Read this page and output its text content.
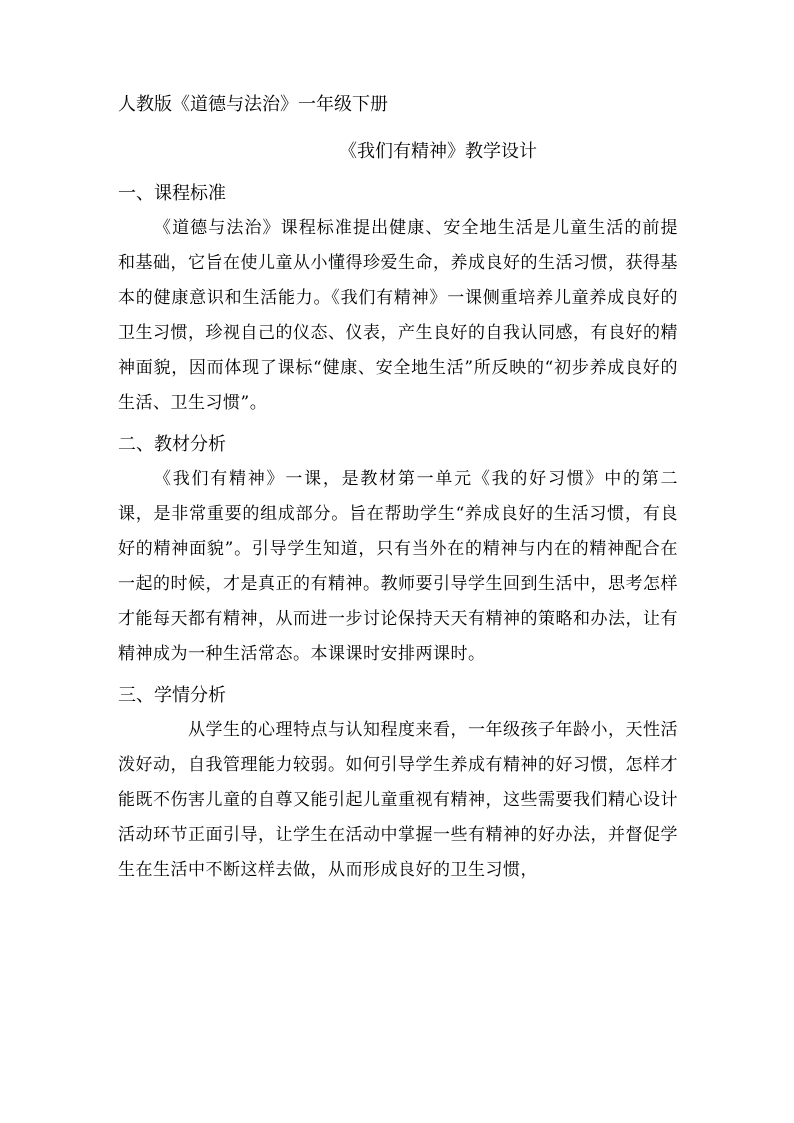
人教版《道德与法治》一年级下册
《我们有精神》教学设计
一、课程标准

《道德与法治》课程标准提出健康、安全地生活是儿童生活的前提和基础，它旨在使儿童从小懂得珍爱生命，养成良好的生活习惯，获得基本的健康意识和生活能力。《我们有精神》一课侧重培养儿童养成良好的卫生习惯，珍视自己的仪态、仪表，产生良好的自我认同感，有良好的精神面貌，因而体现了课标“健康、安全地生活”所反映的“初步养成良好的生活、卫生习惯”。

二、教材分析

《我们有精神》一课，是教材第一单元《我的好习惯》中的第二课，是非常重要的组成部分。旨在帮助学生“养成良好的生活习惯，有良好的精神面貌”。引导学生知道，只有当外在的精神与内在的精神配合在一起的时候，才是真正的有精神。教师要引导学生回到生活中，思考怎样才能每天都有精神，从而进一步讨论保持天天有精神的策略和办法，让有精神成为一种生活常态。本课课时安排两课时。

三、学情分析

从学生的心理特点与认知程度来看，一年级孩子年龄小，天性活泼好动，自我管理能力较弱。如何引导学生养成有精神的好习惯，怎样才能既不伤害儿童的自尊又能引起儿童重视有精神，这些需要我们精心设计活动环节正面引导，让学生在活动中掌握一些有精神的好办法，并督促学生在生活中不断这样去做，从而形成良好的卫生习惯，
